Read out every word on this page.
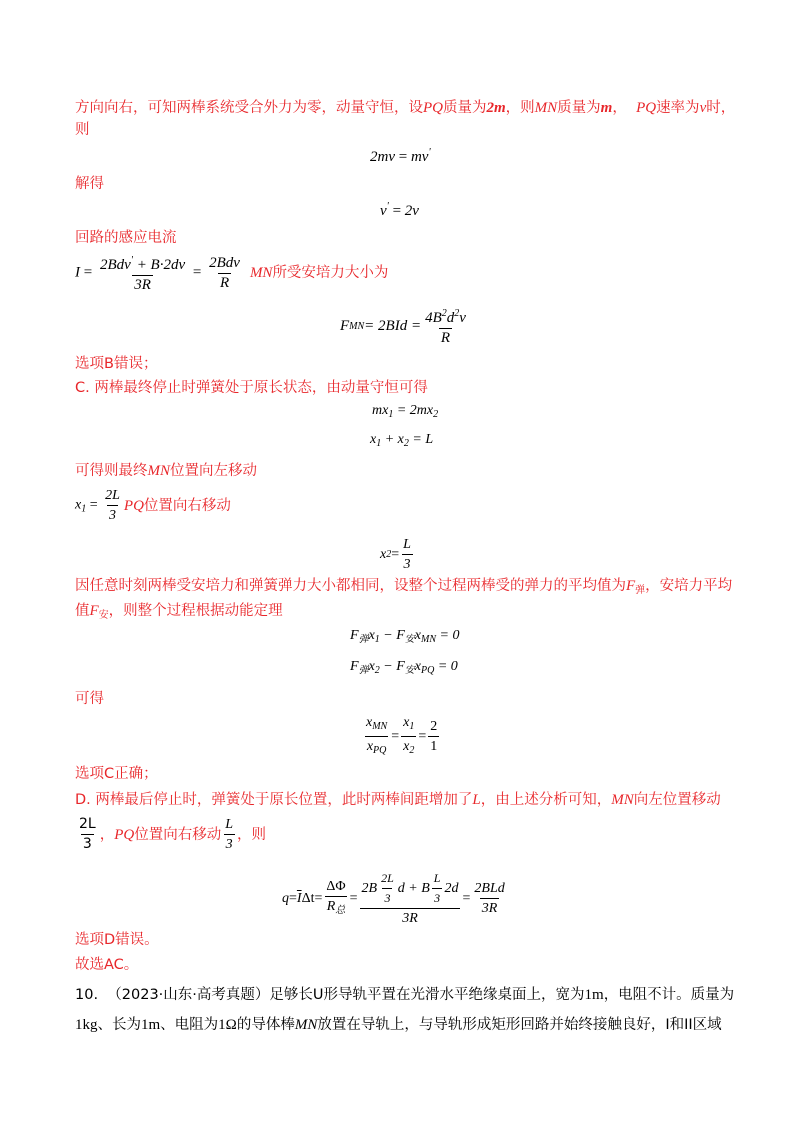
方向向右，可知两棒系统受合外力为零，动量守恒，设PQ质量为2m，则MN质量为m， PQ速率为v时，
则
2mv = mv'
解得
v' = 2v
回路的感应电流
$I = \frac{2Bdv' + B\cdot 2dv}{3R} = \frac{\text{2Bdv}}{R}$ MN所受安培力大小为
F MN = $2BId = \frac{4B^2d^2v}{R}$
选项B错误；
C. 两棒最终停止时弹簧处于原长状态，由动量守恒可得
$mx_1 = 2mx_2$
$x_1 + x_2 = L$
可得则最终MN位置向左移动
$x_1 = \frac{2L}{3}$ PQ位置向右移动
x $2 = \frac{L}{3}$
因任意时刻两棒受安培力和弹簧弹力大小都相同，设整个过程两棒受的弹力的平均值为$F_弹$，安培力平均
值$F_安$，则整个过程根据动能定理
$F_弹x_1 - F_安x_{MN} = 0$
$F_弹x_2 - F_安x_{PQ} = 0$
可得
$\frac{x_{MN}}{x_{PQ}} = \frac{x_1}{x_2} = \frac{2}{1}$
选项C正确；
D. 两棒最后停止时，弹簧处于原长位置，此时两棒间距增加了L，由上述分析可知，MN向左位置移动
$\frac{2L}{3}$ ，PQ位置向右移动 $\frac{L}{3}$ ，则
$q = \overline{I}$ $\Delta t = \frac{\Delta\Phi}{R_总} = \frac{2B \frac{2L}{3} d + B \frac{L}{3} 2d}{3R} = \frac{\text{2BLd}}{3R}$
选项D错误。
故选AC。
10. （2023·山东·高考真题）足够长U形导轨平置在光滑水平绝缘桌面上，宽为1m，电阻不计。质量为
1kg、长为1m、电阻为1Ω的导体棒MN放置在导轨上，与导轨形成矩形回路并始终接触良好，I和II区域
